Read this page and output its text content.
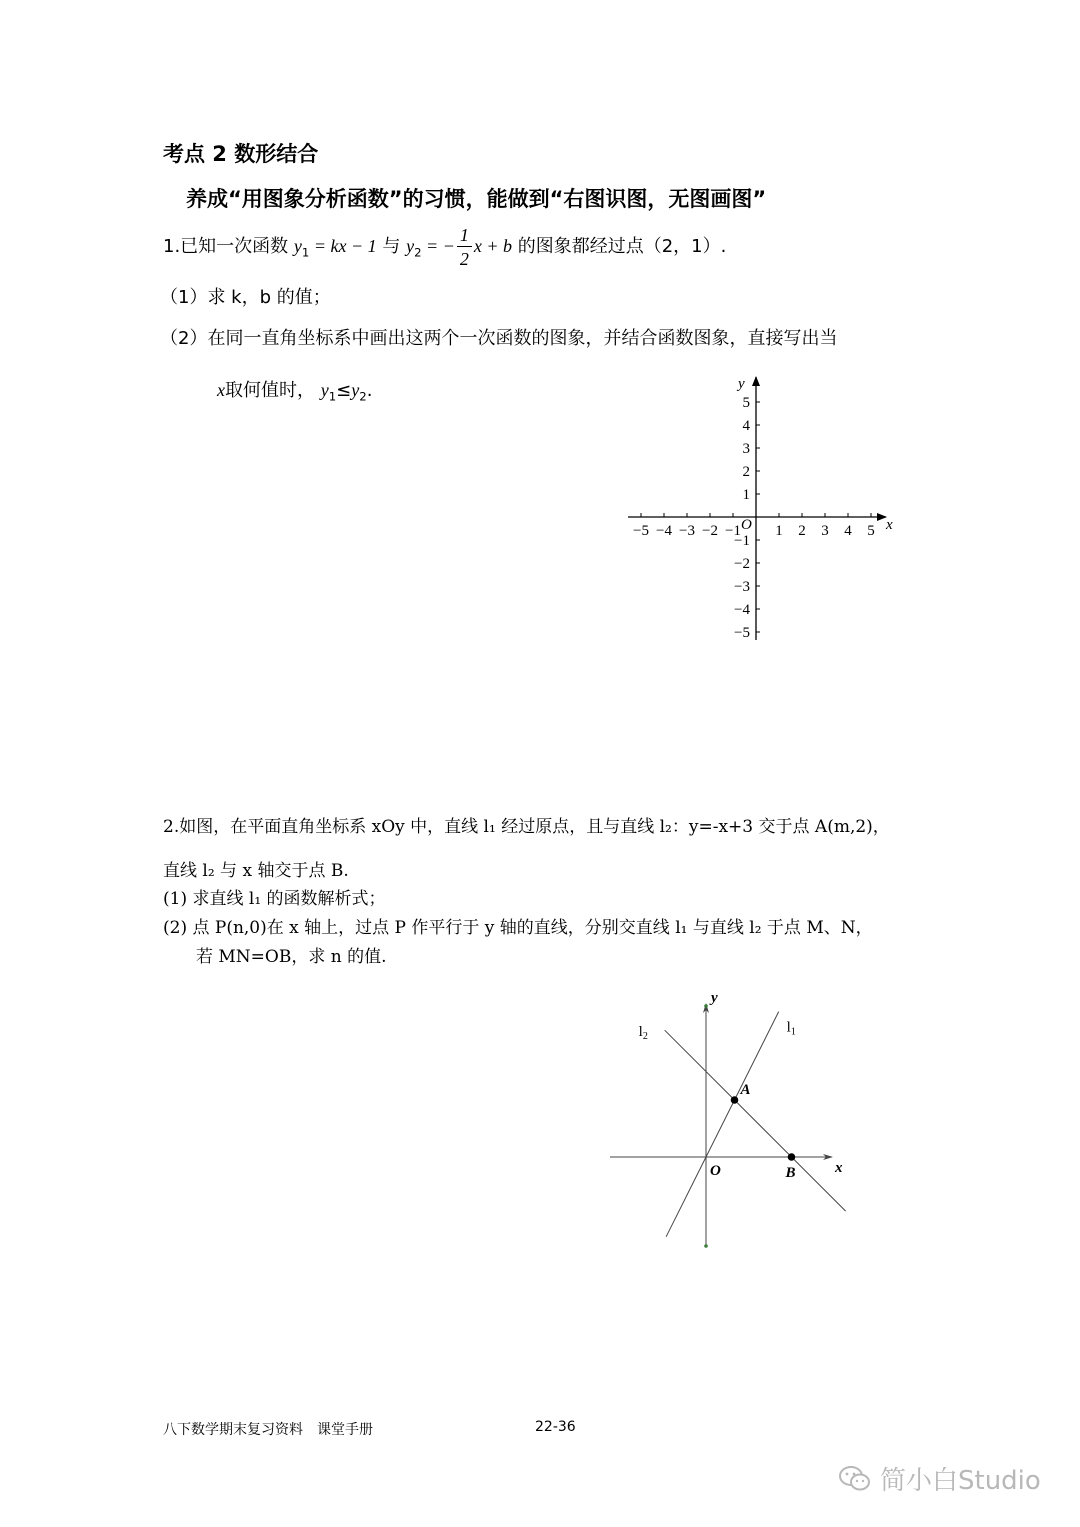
考点 2 数形结合
养成“用图象分析函数”的习惯，能做到“右图识图，无图画图”
1.已知一次函数 $y_1$ = kx − 1 与 $y_2$ = − $\frac{1}{2}$ x + b 的图象都经过点（2，1）.
（1）求 k，b 的值；
（2）在同一直角坐标系中画出这两个一次函数的图象，并结合函数图象，直接写出当
x取何值时， $y_1\le y_2$.
−5 −4 −3 −2 −1 1 2 3 4 5
5
4
3
2
1
−1
−2
−3
−4
−5
x
y
O
2.如图，在平面直角坐标系 xOy 中，直线 l₁ 经过原点，且与直线 l₂：y=-x+3 交于点 A(m,2)，
直线 l₂ 与 x 轴交于点 B.
(1) 求直线 l₁ 的函数解析式；
(2) 点 P(n,0)在 x 轴上，过点 P 作平行于 y 轴的直线，分别交直线 l₁ 与直线 l₂ 于点 M、N，
若 MN=OB，求 n 的值.
$l_1$
$l_2$
A
B	x
y
O
八下数学期末复习资料　课堂手册	22-36
简小白Studio
